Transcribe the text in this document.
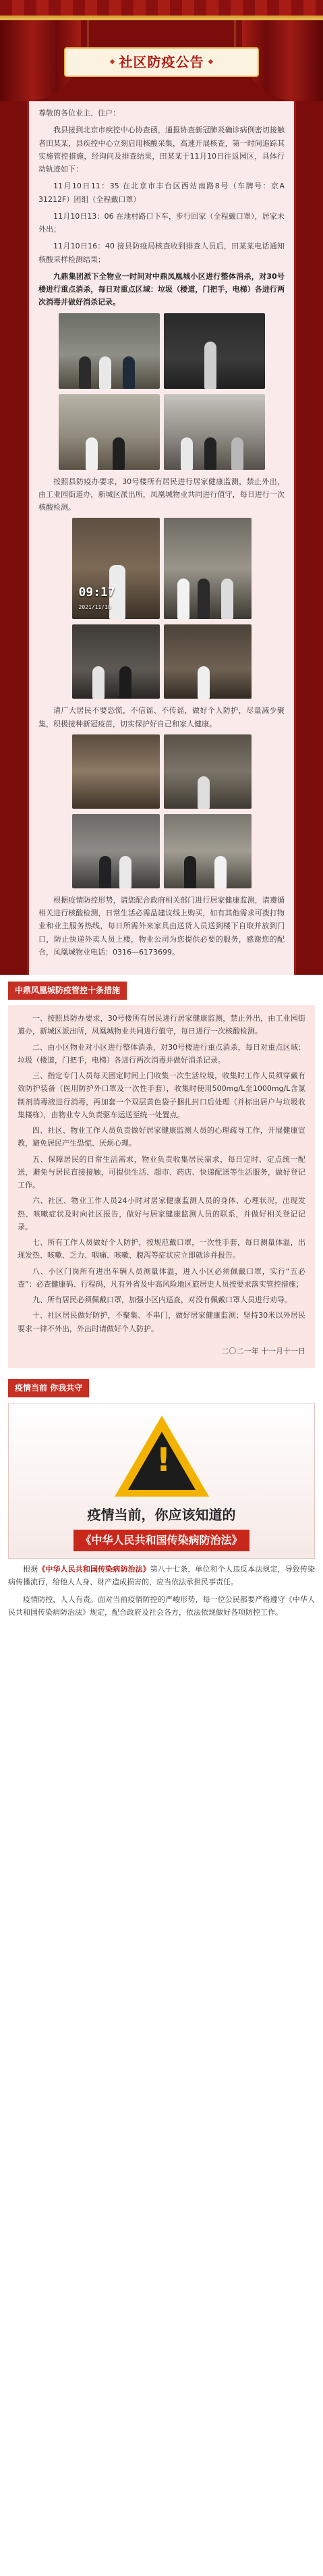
◆ 社区防疫公告 ◆

尊敬的各位业主、住户：

我县接到北京市疾控中心协查函，通报协查新冠肺炎确诊病例密切接触者田某某，县疾控中心立刻启用核酸采集，高速开展核查，第一时间追踪其实施管控措施，经询问及排查结果，田某某于11月10日往返园区，具体行动轨迹如下：

11月10日11：35 在北京市丰台区西站南路8号（车牌号：京A 31212F）团组（全程戴口罩）

11月10日13：06 在地村路口下车，步行回家（全程戴口罩），居家未外出；

11月10日16：40 接县防疫局核查收到排查人员后，田某某电话通知核酸采样检测结果；

九鼎集团派下全物业一时间对中鼎凤凰城小区进行整体消杀，对30号楼进行重点消杀，每日对重点区域：垃圾（楼道，门把手，电梯）各进行两次消毒并做好消杀记录。

按照县防疫办要求，30号楼所有居民进行居家健康监测，禁止外出，由工业园街道办，新城区派出所，凤凰城物业共同进行值守，每日进行一次核酸检测。

09:17
2021/11/10

请广大居民不要恐慌，不信谣、不传谣，做好个人防护，尽量减少聚集，积极接种新冠疫苗，切实保护好自己和家人健康。

根据疫情防控形势，请您配合政府相关部门进行居家健康监测，请遵循相关进行核酸检测，日常生活必需品建议线上购买，如有其他需求可拨打物业和业主服务热线，每日所需外来家具由送货人员送到楼下自取并放到门口，防止快递外卖人员上楼，物业公司为您提供必要的服务，感谢您的配合，凤凰城物业电话：0316—6173699。

中鼎凤凰城防疫管控十条措施

一、按照县防办要求，30号楼所有居民进行居家健康监测，禁止外出，由工业园街道办，新城区派出所，凤凰城物业共同进行值守，每日进行一次核酸检测。

二、由小区物业对小区进行整体消杀，对30号楼进行重点消杀，每日对重点区域：垃圾（楼道，门把手，电梯）各进行两次消毒并做好消杀记录。

三、指定专门人员每天固定时间上门收集一次生活垃圾，收集时工作人员须穿戴有效防护装备（医用防护外口罩及一次性手套），收集时使用500mg/L至1000mg/L含氯制剂消毒液进行消毒，再加套一个双层黄色袋子捆扎封口后处理（并标出居户与垃圾收集楼栋），由物业专人负责驱车运送至统一处置点。

四、社区、物业工作人员负责做好居家健康监测人员的心理疏导工作，开展健康宣教，避免居民产生恐慌、厌烦心理。

五、保障居民的日常生活需求，物业负责收集居民需求，每日定时、定点统一配送，避免与居民直接接触，可提供生活、超市、药店、快递配送等生活服务，做好登记工作。

六、社区、物业工作人员24小时对居家健康监测人员的身体、心理状况，出现发热、咳嗽症状及时向社区报告，做好与居家健康监测人员的联系，并做好相关登记记录。

七、所有工作人员做好个人防护，按规范戴口罩，一次性手套，每日测量体温，出现发热、咳嗽、乏力、咽痛、咳嗽、腹泻等症状应立即就诊并报告。

八、小区门岗所有进出车辆人员测量体温，进入小区必须佩戴口罩，实行“五必查”：必查健康码、行程码，凡有外省及中高风险地区旅居史人员按要求落实管控措施；

九、所有居民必须佩戴口罩，加强小区内巡查，对没有佩戴口罩人员进行劝导。

十、社区居民做好防护，不聚集、不串门，做好居家健康监测；坚持30米以外居民要求一律不外出，外出时请做好个人防护。

二〇二一年 十一月十一日

疫情当前 你我共守
!
疫情当前，你应该知道的
《中华人民共和国传染病防治法》

根据《中华人民共和国传染病防治法》第八十七条，单位和个人违反本法规定，导致传染病传播流行，给他人人身、财产造成损害的，应当依法承担民事责任。

疫情防控，人人有责。面对当前疫情防控的严峻形势，每一位公民都要严格遵守《中华人民共和国传染病防治法》规定，配合政府及社会各方，依法依规做好各项防控工作。
